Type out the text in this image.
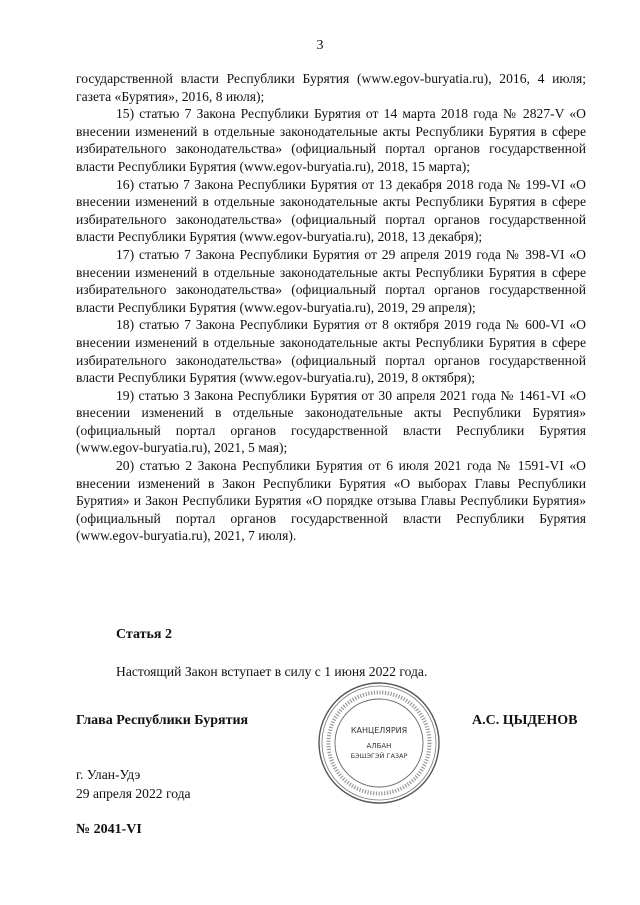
3

государственной власти Республики Бурятия (www.egov-buryatia.ru), 2016, 4 июля; газета «Бурятия», 2016, 8 июля);

15) статью 7 Закона Республики Бурятия от 14 марта 2018 года № 2827-V «О внесении изменений в отдельные законодательные акты Республики Бурятия в сфере избирательного законодательства» (официальный портал органов государственной власти Республики Бурятия (www.egov-buryatia.ru), 2018, 15 марта);

16) статью 7 Закона Республики Бурятия от 13 декабря 2018 года № 199-VI «О внесении изменений в отдельные законодательные акты Республики Бурятия в сфере избирательного законодательства» (официальный портал органов государственной власти Республики Бурятия (www.egov-buryatia.ru), 2018, 13 декабря);

17) статью 7 Закона Республики Бурятия от 29 апреля 2019 года № 398-VI «О внесении изменений в отдельные законодательные акты Республики Бурятия в сфере избирательного законодательства» (официальный портал органов государственной власти Республики Бурятия (www.egov-buryatia.ru), 2019, 29 апреля);

18) статью 7 Закона Республики Бурятия от 8 октября 2019 года № 600-VI «О внесении изменений в отдельные законодательные акты Республики Бурятия в сфере избирательного законодательства» (официальный портал органов государственной власти Республики Бурятия (www.egov-buryatia.ru), 2019, 8 октября);

19) статью 3 Закона Республики Бурятия от 30 апреля 2021 года № 1461-VI «О внесении изменений в отдельные законодательные акты Республики Бурятия» (официальный портал органов государственной власти Республики Бурятия (www.egov-buryatia.ru), 2021, 5 мая);

20) статью 2 Закона Республики Бурятия от 6 июля 2021 года № 1591-VI «О внесении изменений в Закон Республики Бурятия «О выборах Главы Республики Бурятия» и Закон Республики Бурятия «О порядке отзыва Главы Республики Бурятия» (официальный портал органов государственной власти Республики Бурятия (www.egov-buryatia.ru), 2021, 7 июля).

Статья 2
Настоящий Закон вступает в силу с 1 июня 2022 года.
Глава Республики Бурятия	А.С. ЦЫДЕНОВ
КАНЦЕЛЯРИЯ
АЛБАН
БЭШЭГЭЙ ГАЗАР
г. Улан-Удэ
29 апреля 2022 года
№ 2041-VI
